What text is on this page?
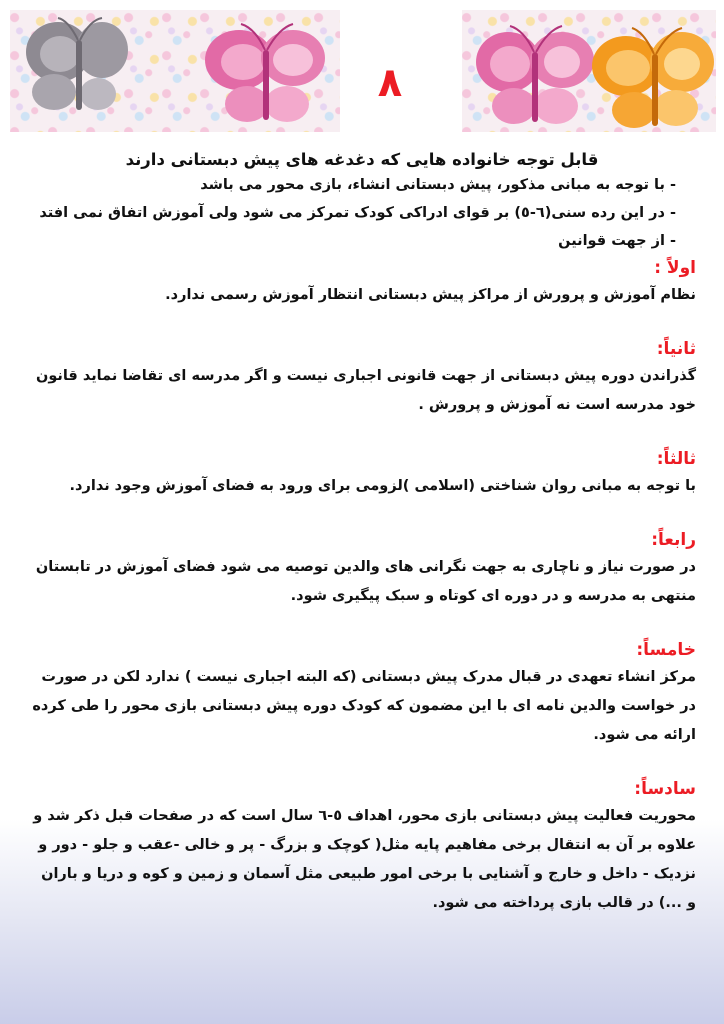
۸

قابل توجه خانواده هایی که دغدغه های پیش دبستانی دارند

- با توجه به مبانی مذکور، پیش دبستانی انشاء، بازی محور می باشد

- در این رده سنی(٦-٥) بر قوای ادراکی کودک تمرکز می شود ولی آموزش اتفاق نمی افتد

- از جهت قوانین

اولاً :

نظام آموزش و پرورش از مراکز پیش دبستانی انتظار آموزش رسمی ندارد.

ثانیاً:

گذراندن دوره پیش دبستانی از جهت قانونی اجباری نیست و اگر مدرسه ای تقاضا نماید قانون خود مدرسه است نه آموزش و پرورش .

ثالثاً:

با توجه به مبانی روان شناختی (اسلامی )لزومی برای ورود به فضای آموزش وجود ندارد.

رابعاً:

در صورت نیاز و ناچاری به جهت نگرانی های والدین توصیه می شود فضای آموزش در تابستان منتهی به مدرسه و در دوره ای کوتاه و سبک پیگیری شود.

خامساً:

مرکز انشاء تعهدی در قبال مدرک پیش دبستانی (که البته اجباری نیست ) ندارد لکن در صورت در خواست والدین نامه ای با این مضمون که کودک دوره پیش دبستانی بازی محور را طی کرده ارائه می شود.

سادساً:

محوریت فعالیت پیش دبستانی بازی محور، اهداف ٥-٦ سال است که در صفحات قبل ذکر شد و علاوه بر آن به انتقال برخی مفاهیم پایه مثل( کوچک و بزرگ - پر و خالی -عقب و جلو - دور و نزدیک - داخل و خارج و آشنایی با برخی امور طبیعی مثل آسمان و زمین و کوه و دریا و باران و ...) در قالب بازی پرداخته می شود.
